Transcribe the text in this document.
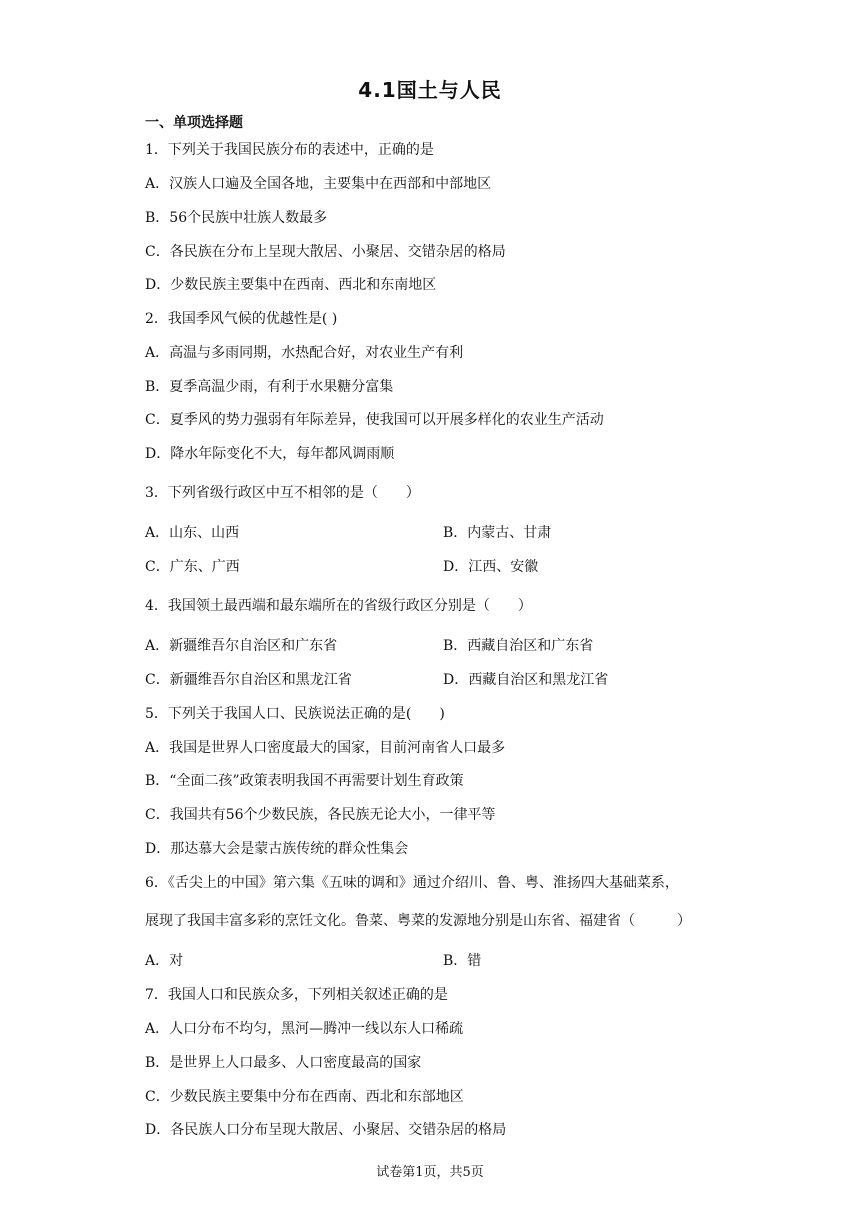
4.1国土与人民
一、单项选择题
1．下列关于我国民族分布的表述中，正确的是
A．汉族人口遍及全国各地，主要集中在西部和中部地区
B．56个民族中壮族人数最多
C．各民族在分布上呈现大散居、小聚居、交错杂居的格局
D．少数民族主要集中在西南、西北和东南地区
2．我国季风气候的优越性是( )
A．高温与多雨同期，水热配合好，对农业生产有利
B．夏季高温少雨，有利于水果糖分富集
C．夏季风的势力强弱有年际差异，使我国可以开展多样化的农业生产活动
D．降水年际变化不大，每年都风调雨顺
3．下列省级行政区中互不相邻的是（　　）
A．山东、山西	B．内蒙古、甘肃
C．广东、广西	D．江西、安徽
4．我国领土最西端和最东端所在的省级行政区分别是（　　）
A．新疆维吾尔自治区和广东省	B．西藏自治区和广东省
C．新疆维吾尔自治区和黑龙江省	D．西藏自治区和黑龙江省
5．下列关于我国人口、民族说法正确的是(　　)
A．我国是世界人口密度最大的国家，目前河南省人口最多
B．“全面二孩”政策表明我国不再需要计划生育政策
C．我国共有56个少数民族，各民族无论大小，一律平等
D．那达慕大会是蒙古族传统的群众性集会
6．《舌尖上的中国》第六集《五味的调和》通过介绍川、鲁、粤、淮扬四大基础菜系，
展现了我国丰富多彩的烹饪文化。鲁菜、粤菜的发源地分别是山东省、福建省（　　　）
A．对	B．错
7．我国人口和民族众多，下列相关叙述正确的是
A．人口分布不均匀，黑河—腾冲一线以东人口稀疏
B．是世界上人口最多、人口密度最高的国家
C．少数民族主要集中分布在西南、西北和东部地区
D．各民族人口分布呈现大散居、小聚居、交错杂居的格局
试卷第1页，共5页
